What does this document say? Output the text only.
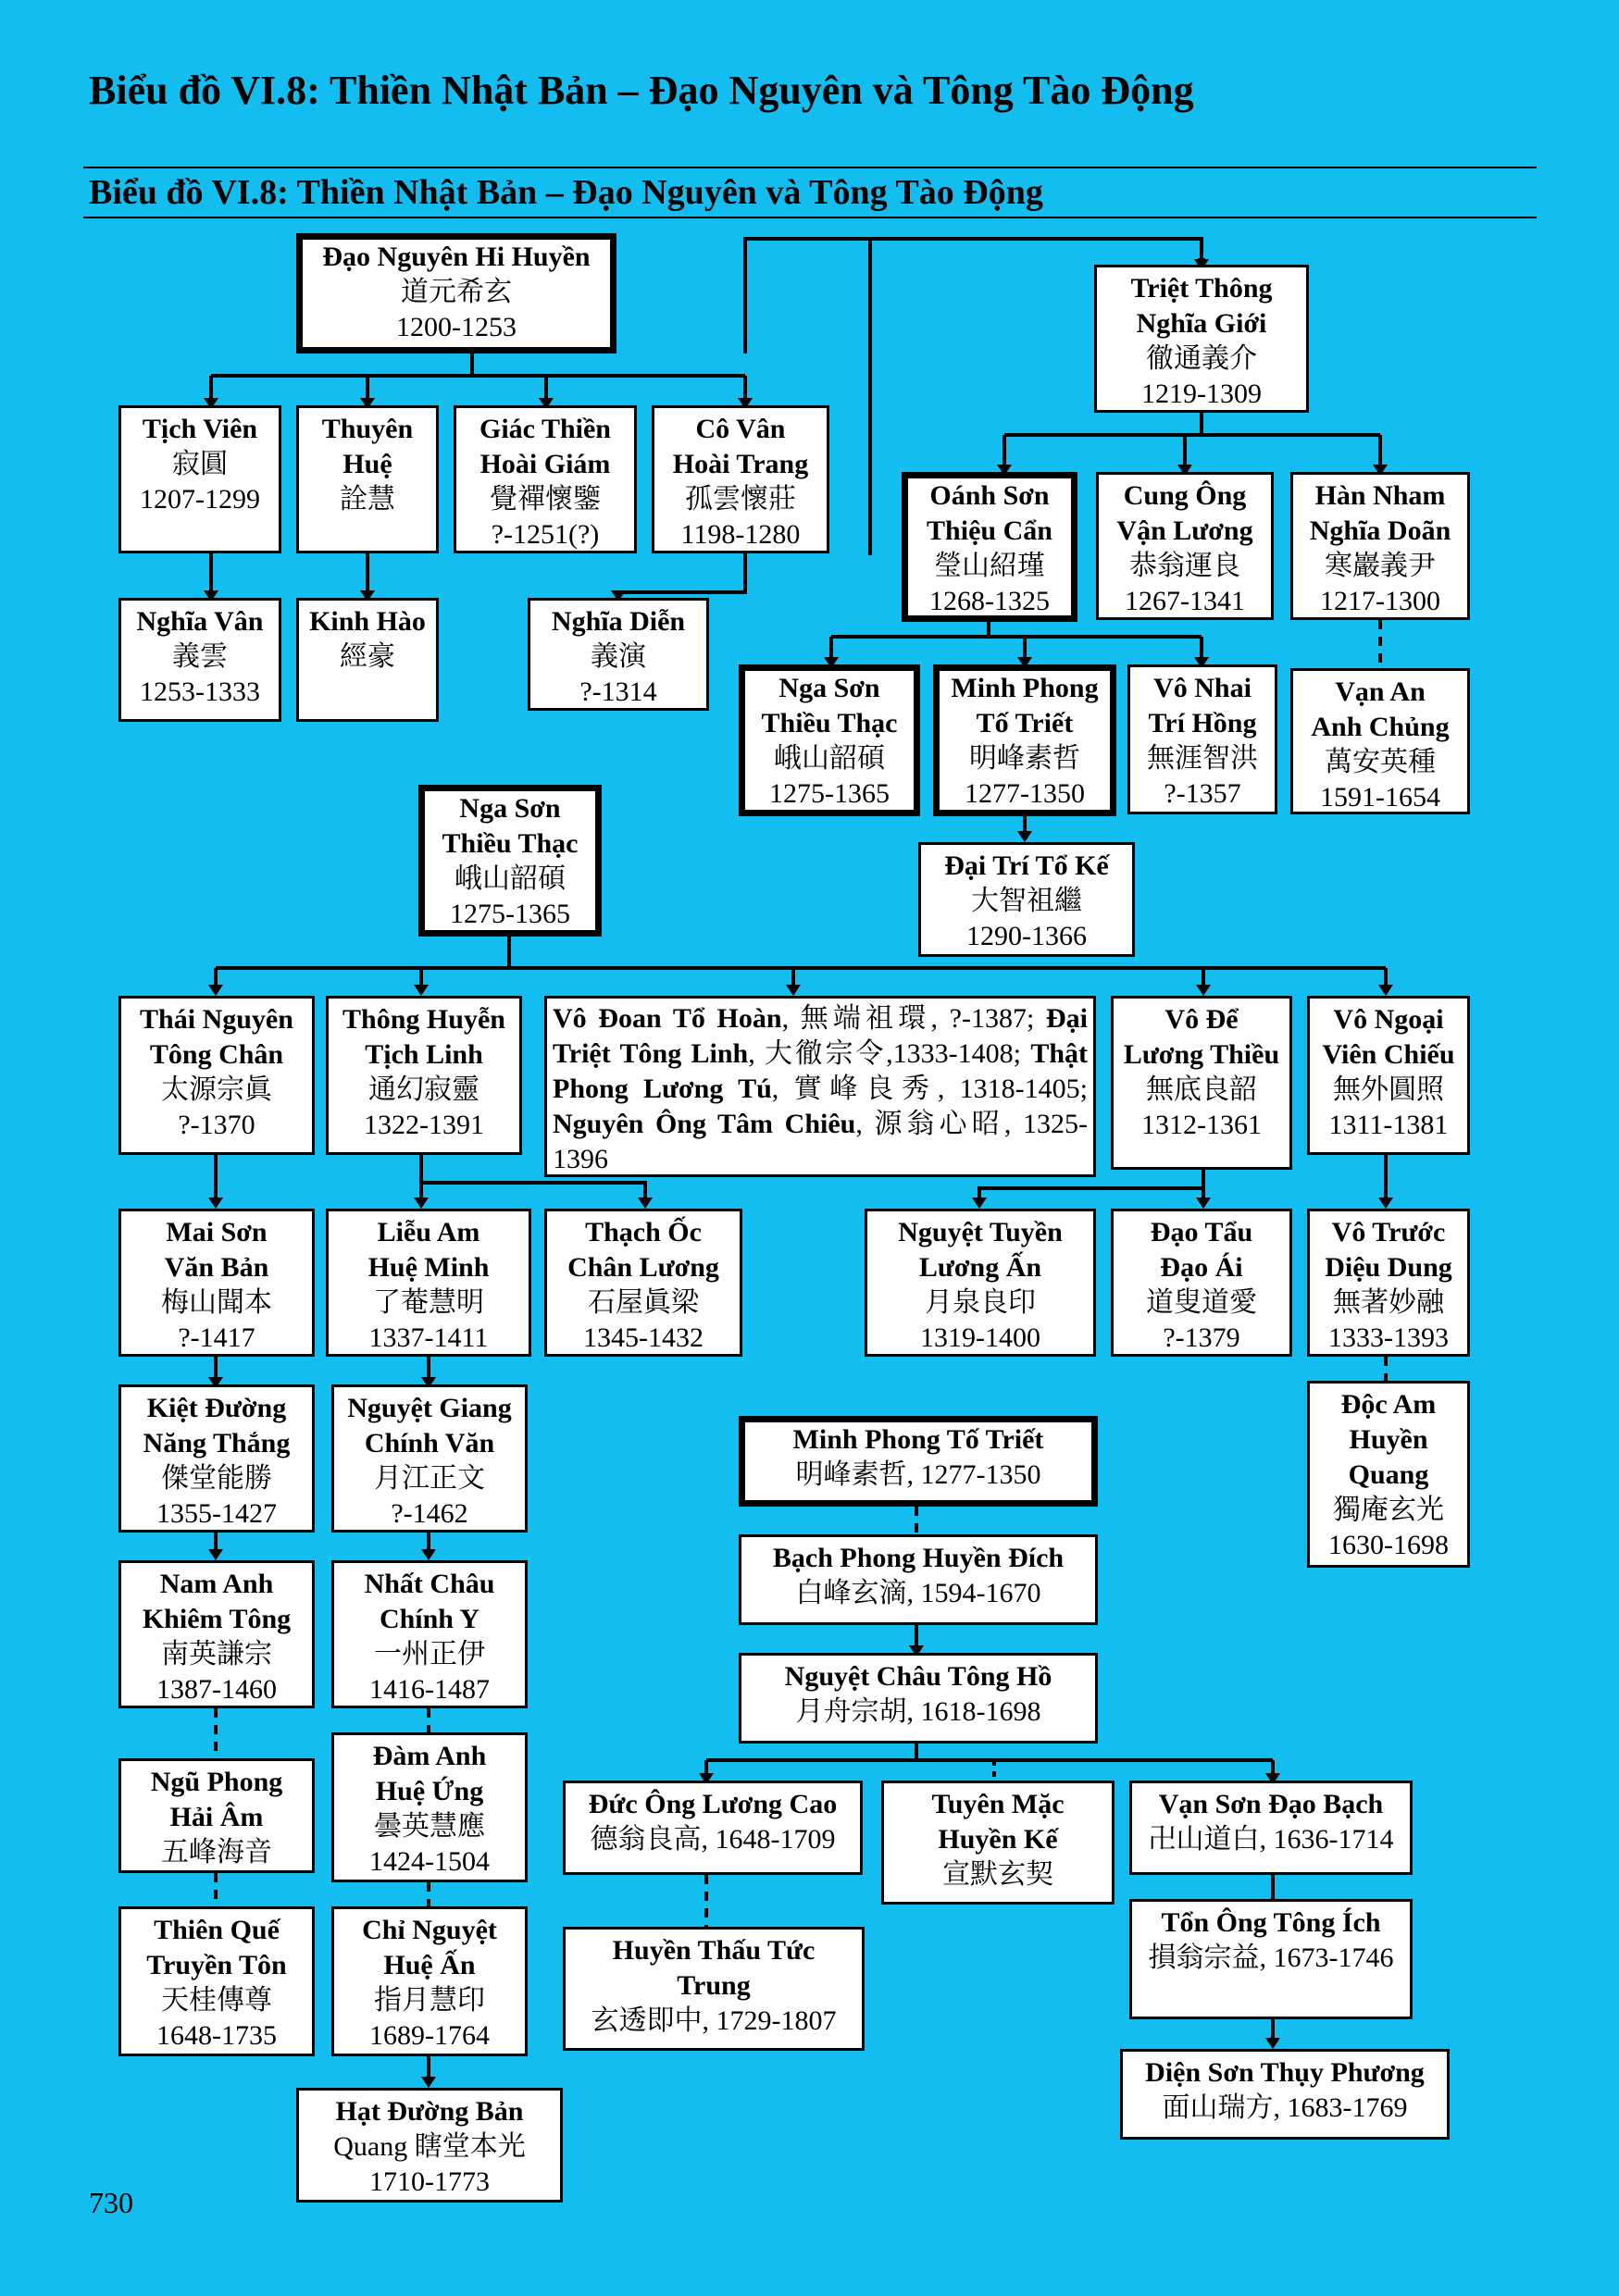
Biểu đồ VI.8: Thiền Nhật Bản – Đạo Nguyên và Tông Tào Động
Biểu đồ VI.8: Thiền Nhật Bản – Đạo Nguyên và Tông Tào Động
Đạo Nguyên Hi Huyền
道元希玄
1200-1253
Triệt Thông
Nghĩa Giới
徹通義介
1219-1309
Tịch Viên
寂圓
1207-1299
Thuyên
Huệ
詮慧
Giác Thiền
Hoài Giám
覺禪懷鑒
?-1251(?)
Cô Vân
Hoài Trang
孤雲懷莊
1198-1280
Oánh Sơn
Thiệu Cẩn
瑩山紹瑾
1268-1325
Cung Ông
Vận Lương
恭翁運良
1267-1341
Hàn Nham
Nghĩa Doãn
寒巖義尹
1217-1300
Nghĩa Vân
義雲
1253-1333
Kinh Hào
經豪
Nghĩa Diễn
義演
?-1314	Nga Sơn
Thiều Thạc
峨山韶碩
1275-1365
Minh Phong
Tố Triết
明峰素哲
1277-1350
Vô Nhai
Trí Hồng
無涯智洪
?-1357
Vạn An
Anh Chủng
萬安英種
1591-1654
Nga Sơn
Thiều Thạc
峨山韶碩
1275-1365
Đại Trí Tổ Kế
大智祖繼
1290-1366
Thái Nguyên
Tông Chân
太源宗眞
?-1370
Thông Huyễn
Tịch Linh
通幻寂靈
1322-1391
Vô Đoan Tổ Hoàn, 無端祖環, ?-1387; Đại Triệt Tông Linh, 大徹宗令,1333-1408; Thật Phong Lương Tú, 實峰良秀, 1318-1405; Nguyên Ông Tâm Chiêu, 源翁心昭, 1325-1396
Vô Để
Lương Thiều
無底良韶
1312-1361
Vô Ngoại
Viên Chiếu
無外圓照
1311-1381
Mai Sơn
Văn Bản
梅山聞本
?-1417
Liễu Am
Huệ Minh
了菴慧明
1337-1411
Thạch Ốc
Chân Lương
石屋眞梁
1345-1432
Nguyệt Tuyền
Lương Ấn
月泉良印
1319-1400
Đạo Tẩu
Đạo Ái
道叟道愛
?-1379
Vô Trước
Diệu Dung
無著妙融
1333-1393
Kiệt Đường
Năng Thắng
傑堂能勝
1355-1427
Nguyệt Giang
Chính Văn
月江正文
?-1462
Độc Am
Huyền
Quang
獨庵玄光
1630-1698
Minh Phong Tố Triết
明峰素哲, 1277-1350
Nam Anh
Khiêm Tông
南英謙宗
1387-1460
Nhất Châu
Chính Y
一州正伊
1416-1487
Bạch Phong Huyền Đích
白峰玄滴, 1594-1670
Nguyệt Châu Tông Hồ
月舟宗胡, 1618-1698
Ngũ Phong
Hải Âm
五峰海音
Đàm Anh
Huệ Ứng
曇英慧應
1424-1504
Đức Ông Lương Cao
德翁良高, 1648-1709
Tuyên Mặc
Huyền Kế
宣默玄契
Vạn Sơn Đạo Bạch
卍山道白, 1636-1714
Thiên Quế
Truyền Tôn
天桂傳尊
1648-1735
Chỉ Nguyệt
Huệ Ấn
指月慧印
1689-1764
Huyền Thấu Tức
Trung
玄透即中, 1729-1807
Tổn Ông Tông Ích
損翁宗益, 1673-1746
Hạt Đường Bản
Quang 瞎堂本光
1710-1773
Diện Sơn Thụy Phương
面山瑞方, 1683-1769
730
